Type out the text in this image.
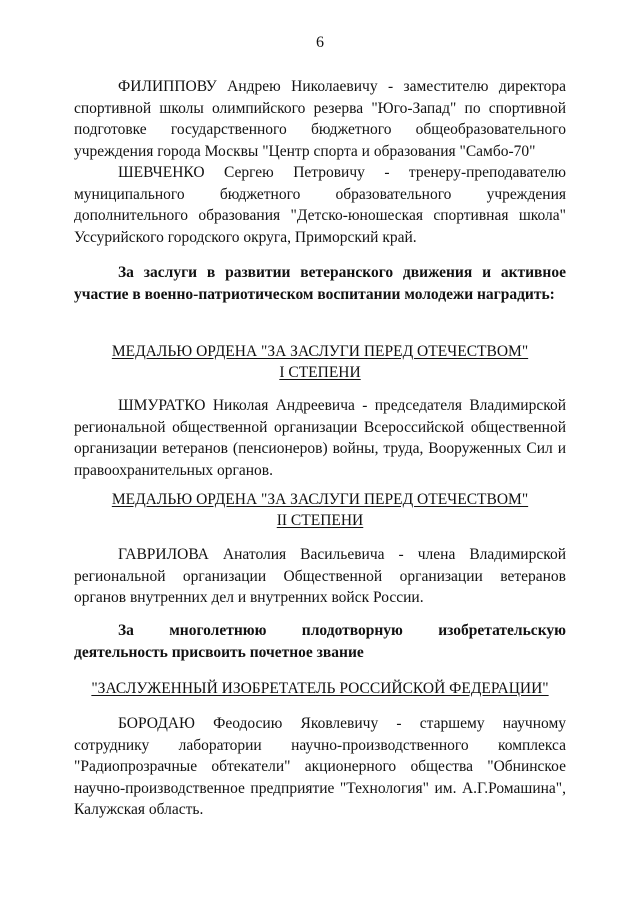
6

ФИЛИППОВУ Андрею Николаевичу - заместителю директора спортивной школы олимпийского резерва "Юго-Запад" по спортивной подготовке государственного бюджетного общеобразовательного учреждения города Москвы "Центр спорта и образования "Самбо-70"

ШЕВЧЕНКО Сергею Петровичу - тренеру-преподавателю муниципального бюджетного образовательного учреждения дополнительного образования "Детско-юношеская спортивная школа" Уссурийского городского округа, Приморский край.

За заслуги в развитии ветеранского движения и активное участие в военно-патриотическом воспитании молодежи наградить:

МЕДАЛЬЮ ОРДЕНА "ЗА ЗАСЛУГИ ПЕРЕД ОТЕЧЕСТВОМ"
I СТЕПЕНИ

ШМУРАТКО Николая Андреевича - председателя Владимирской региональной общественной организации Всероссийской общественной организации ветеранов (пенсионеров) войны, труда, Вооруженных Сил и правоохранительных органов.

МЕДАЛЬЮ ОРДЕНА "ЗА ЗАСЛУГИ ПЕРЕД ОТЕЧЕСТВОМ"
II СТЕПЕНИ

ГАВРИЛОВА Анатолия Васильевича - члена Владимирской региональной организации Общественной организации ветеранов органов внутренних дел и внутренних войск России.

За многолетнюю плодотворную изобретательскую деятельность присвоить почетное звание

"ЗАСЛУЖЕННЫЙ ИЗОБРЕТАТЕЛЬ РОССИЙСКОЙ ФЕДЕРАЦИИ"

БОРОДАЮ Феодосию Яковлевичу - старшему научному сотруднику лаборатории научно-производственного комплекса "Радиопрозрачные обтекатели" акционерного общества "Обнинское научно-производственное предприятие "Технология" им. А.Г.Ромашина", Калужская область.
